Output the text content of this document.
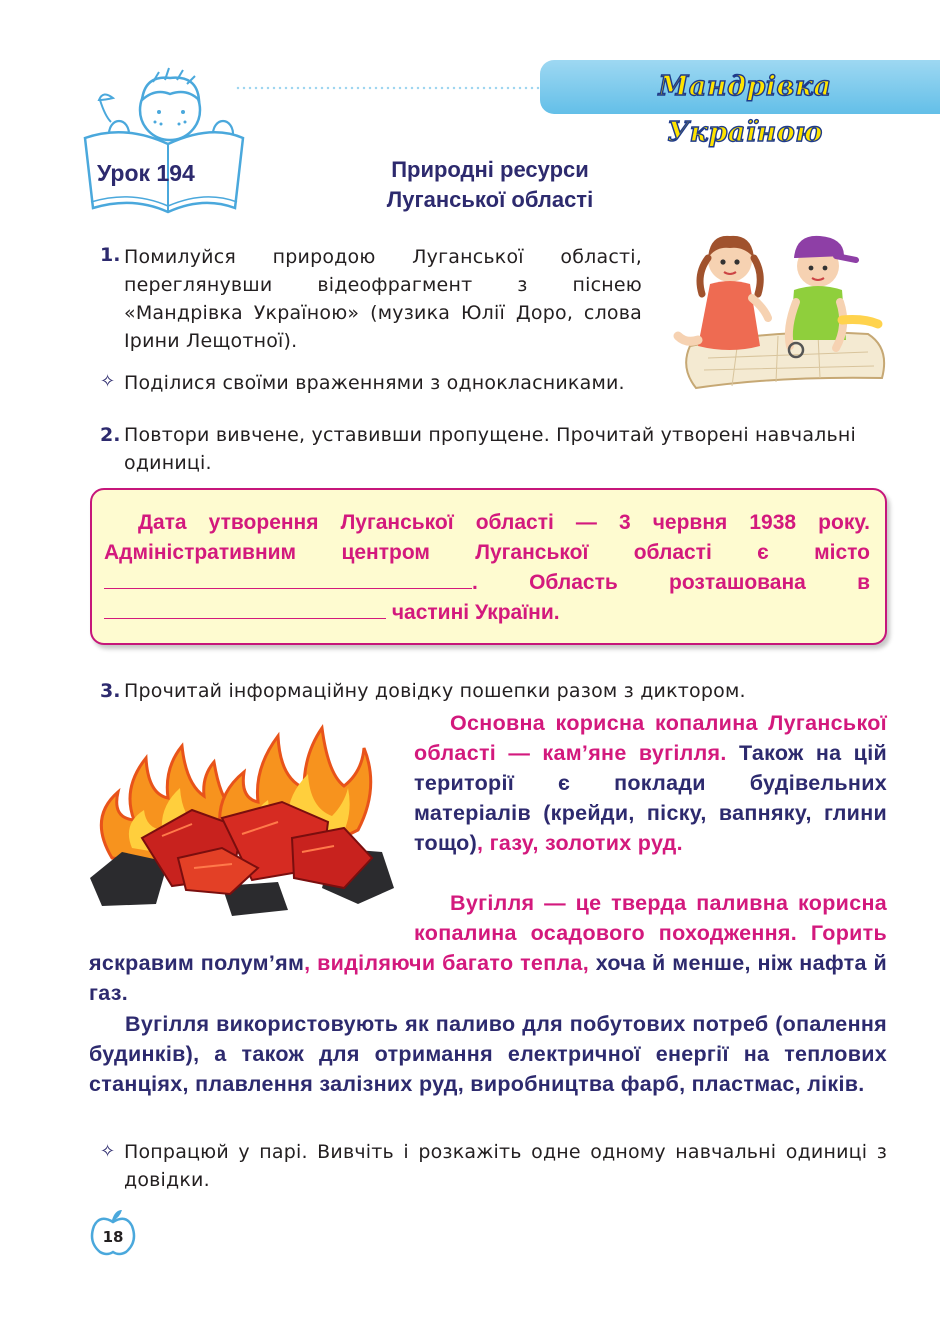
Мандрівка Україною
Урок 194	Природні ресурси
Луганської області
1. Помилуйся природою Луганської області, переглянувши відеофрагмент з піснею «Мандрівка Україною» (музика Юлії Доро, слова Ірини Лещотної).
✧ Поділися своїми враженнями з однокласниками.
2. Повтори вивчене, уставивши пропущене. Прочитай утворені навчальні одиниці.
Дата утворення Луганської області — 3 червня 1938 року. Адміністративним центром Луганської області є місто . Область розташована в  частині України.
3. Прочитай інформаційну довідку пошепки разом з диктором.
Основна корисна копалина Луганської області — кам’яне вугілля. Також на цій території є поклади будівельних матеріалів (крейди, піску, вапняку, глини тощо), газу, золотих руд.
Вугілля — це тверда паливна корисна копалина осадового походження. Горить яскравим полум’ям, виділяючи багато тепла, хоча й менше, ніж нафта й газ.
Вугілля використовують як паливо для побутових потреб (опалення будинків), а також для отримання електричної енергії на теплових станціях, плавлення залізних руд, виробництва фарб, пластмас, ліків.
✧ Попрацюй у парі. Вивчіть і розкажіть одне одному навчальні одиниці з довідки.
18
